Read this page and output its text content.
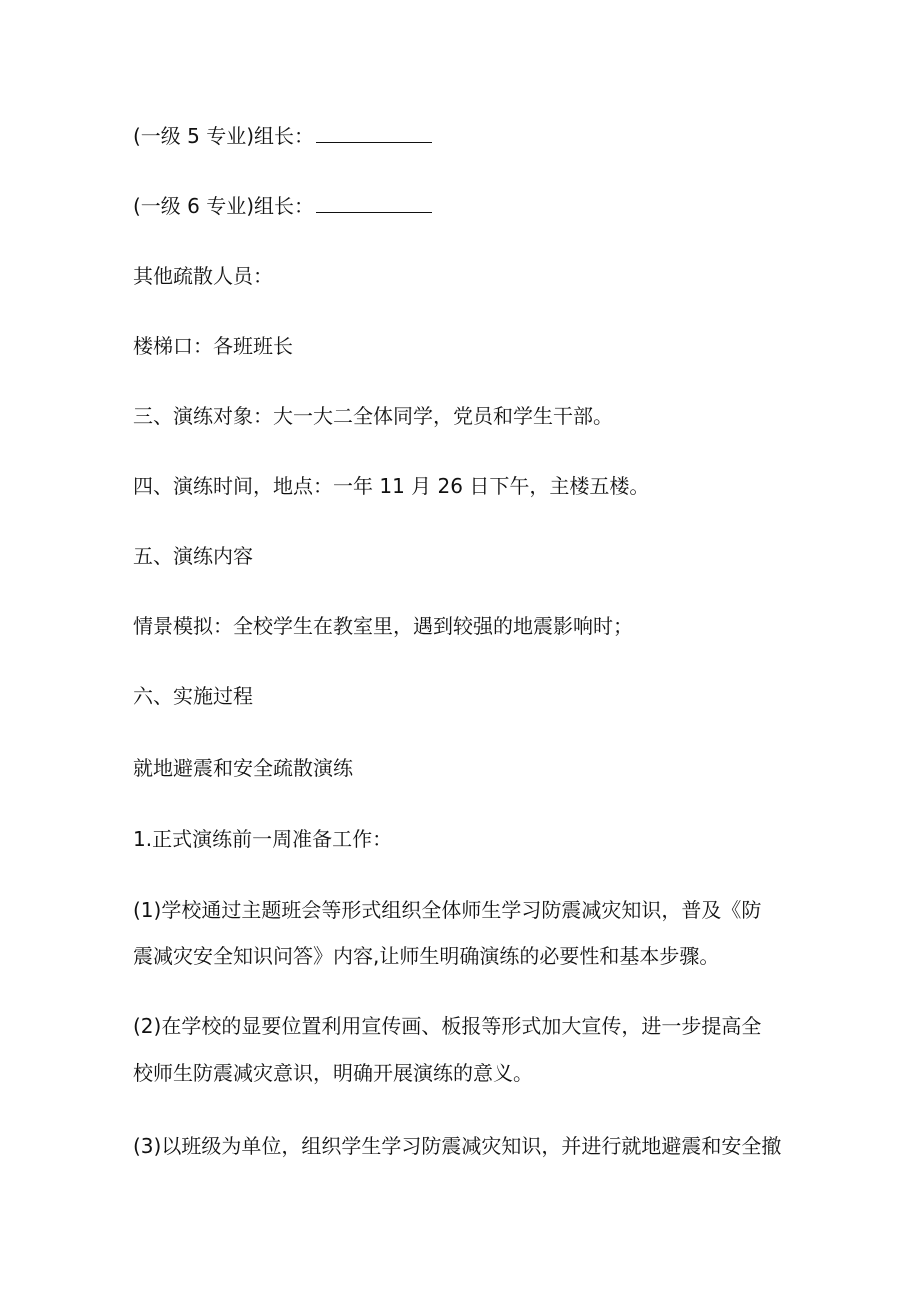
(一级 5 专业)组长：
(一级 6 专业)组长：
其他疏散人员：
楼梯口：各班班长
三、演练对象：大一大二全体同学，党员和学生干部。
四、演练时间，地点：一年 11 月 26 日下午，主楼五楼。
五、演练内容
情景模拟：全校学生在教室里，遇到较强的地震影响时；
六、实施过程
就地避震和安全疏散演练
1.正式演练前一周准备工作：
(1)学校通过主题班会等形式组织全体师生学习防震减灾知识，普及《防
震减灾安全知识问答》内容,让师生明确演练的必要性和基本步骤。
(2)在学校的显要位置利用宣传画、板报等形式加大宣传，进一步提高全
校师生防震减灾意识，明确开展演练的意义。
(3)以班级为单位，组织学生学习防震减灾知识，并进行就地避震和安全撤
